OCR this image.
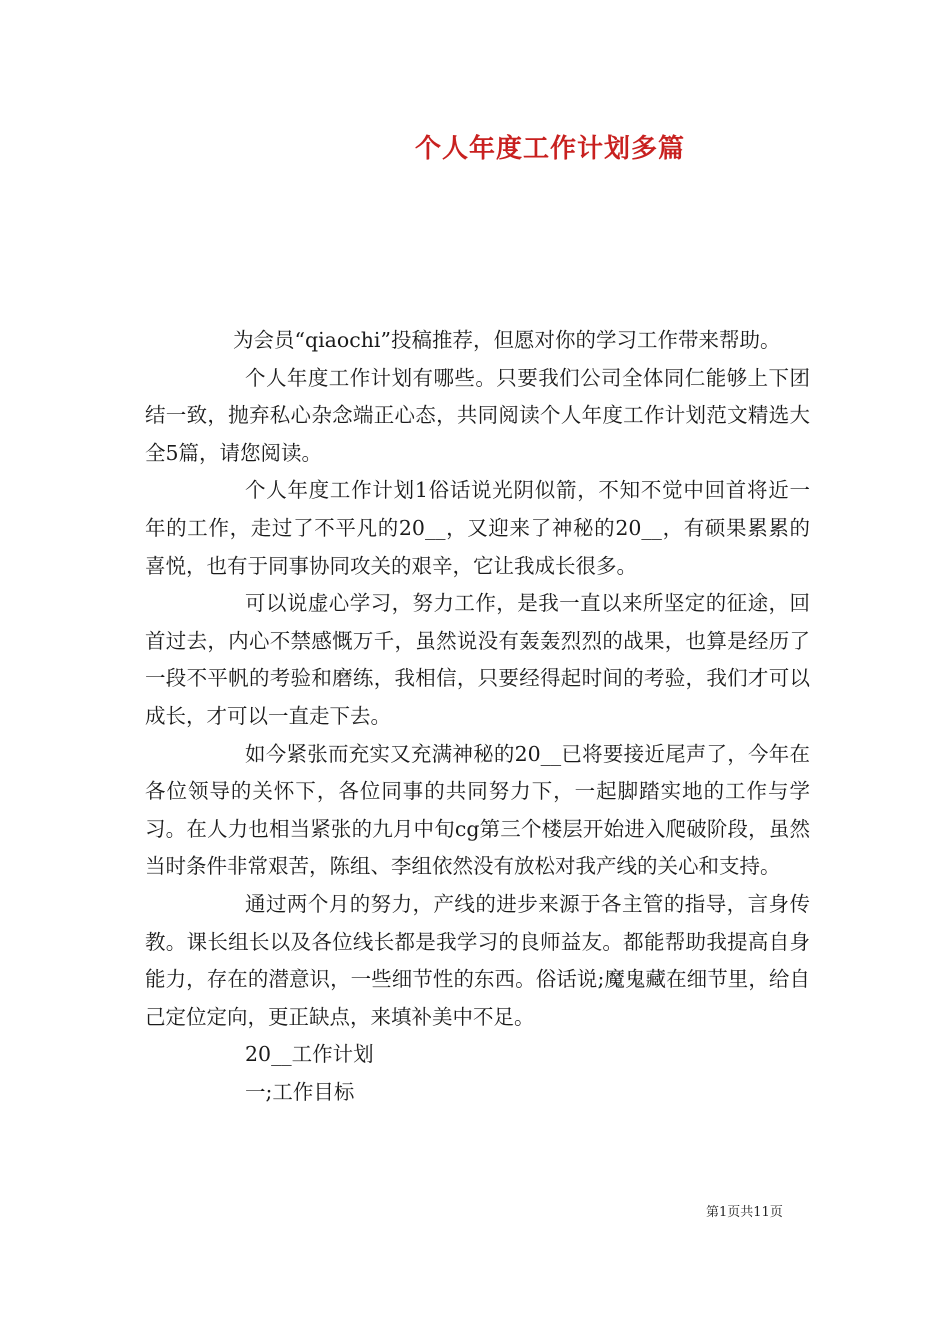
个人年度工作计划多篇

为会员“qiaochi”投稿推荐，但愿对你的学习工作带来帮助。

个人年度工作计划有哪些。只要我们公司全体同仁能够上下团结一致，抛弃私心杂念端正心态，共同阅读个人年度工作计划范文精选大全5篇，请您阅读。

个人年度工作计划1俗话说光阴似箭，不知不觉中回首将近一年的工作，走过了不平凡的20__，又迎来了神秘的20__，有硕果累累的喜悦，也有于同事协同攻关的艰辛，它让我成长很多。

可以说虚心学习，努力工作，是我一直以来所坚定的征途，回首过去，内心不禁感慨万千，虽然说没有轰轰烈烈的战果，也算是经历了一段不平帆的考验和磨练，我相信，只要经得起时间的考验，我们才可以成长，才可以一直走下去。

如今紧张而充实又充满神秘的20__已将要接近尾声了，今年在各位领导的关怀下，各位同事的共同努力下，一起脚踏实地的工作与学习。在人力也相当紧张的九月中旬cg第三个楼层开始进入爬破阶段，虽然当时条件非常艰苦，陈组、李组依然没有放松对我产线的关心和支持。

通过两个月的努力，产线的进步来源于各主管的指导，言身传教。课长组长以及各位线长都是我学习的良师益友。都能帮助我提高自身能力，存在的潜意识，一些细节性的东西。俗话说;魔鬼藏在细节里，给自己定位定向，更正缺点，来填补美中不足。

20__工作计划

一;工作目标

第1页共11页
